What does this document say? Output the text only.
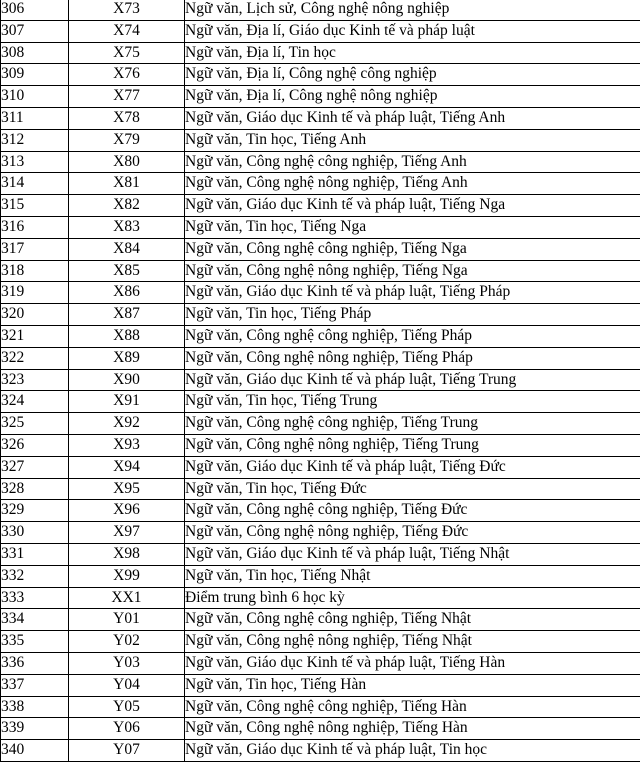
306	X73	Ngữ văn, Lịch sử, Công nghệ nông nghiệp
307	X74	Ngữ văn, Địa lí, Giáo dục Kinh tế và pháp luật
308	X75	Ngữ văn, Địa lí, Tin học
309	X76	Ngữ văn, Địa lí, Công nghệ công nghiệp
310	X77	Ngữ văn, Địa lí, Công nghệ nông nghiệp
311	X78	Ngữ văn, Giáo dục Kinh tế và pháp luật, Tiếng Anh
312	X79	Ngữ văn, Tin học, Tiếng Anh
313	X80	Ngữ văn, Công nghệ công nghiệp, Tiếng Anh
314	X81	Ngữ văn, Công nghệ nông nghiệp, Tiếng Anh
315	X82	Ngữ văn, Giáo dục Kinh tế và pháp luật, Tiếng Nga
316	X83	Ngữ văn, Tin học, Tiếng Nga
317	X84	Ngữ văn, Công nghệ công nghiệp, Tiếng Nga
318	X85	Ngữ văn, Công nghệ nông nghiệp, Tiếng Nga
319	X86	Ngữ văn, Giáo dục Kinh tế và pháp luật, Tiếng Pháp
320	X87	Ngữ văn, Tin học, Tiếng Pháp
321	X88	Ngữ văn, Công nghệ công nghiệp, Tiếng Pháp
322	X89	Ngữ văn, Công nghệ nông nghiệp, Tiếng Pháp
323	X90	Ngữ văn, Giáo dục Kinh tế và pháp luật, Tiếng Trung
324	X91	Ngữ văn, Tin học, Tiếng Trung
325	X92	Ngữ văn, Công nghệ công nghiệp, Tiếng Trung
326	X93	Ngữ văn, Công nghệ nông nghiệp, Tiếng Trung
327	X94	Ngữ văn, Giáo dục Kinh tế và pháp luật, Tiếng Đức
328	X95	Ngữ văn, Tin học, Tiếng Đức
329	X96	Ngữ văn, Công nghệ công nghiệp, Tiếng Đức
330	X97	Ngữ văn, Công nghệ nông nghiệp, Tiếng Đức
331	X98	Ngữ văn, Giáo dục Kinh tế và pháp luật, Tiếng Nhật
332	X99	Ngữ văn, Tin học, Tiếng Nhật
333	XX1	Điểm trung bình 6 học kỳ
334	Y01	Ngữ văn, Công nghệ công nghiệp, Tiếng Nhật
335	Y02	Ngữ văn, Công nghệ nông nghiệp, Tiếng Nhật
336	Y03	Ngữ văn, Giáo dục Kinh tế và pháp luật, Tiếng Hàn
337	Y04	Ngữ văn, Tin học, Tiếng Hàn
338	Y05	Ngữ văn, Công nghệ công nghiệp, Tiếng Hàn
339	Y06	Ngữ văn, Công nghệ nông nghiệp, Tiếng Hàn
340	Y07	Ngữ văn, Giáo dục Kinh tế và pháp luật, Tin học
